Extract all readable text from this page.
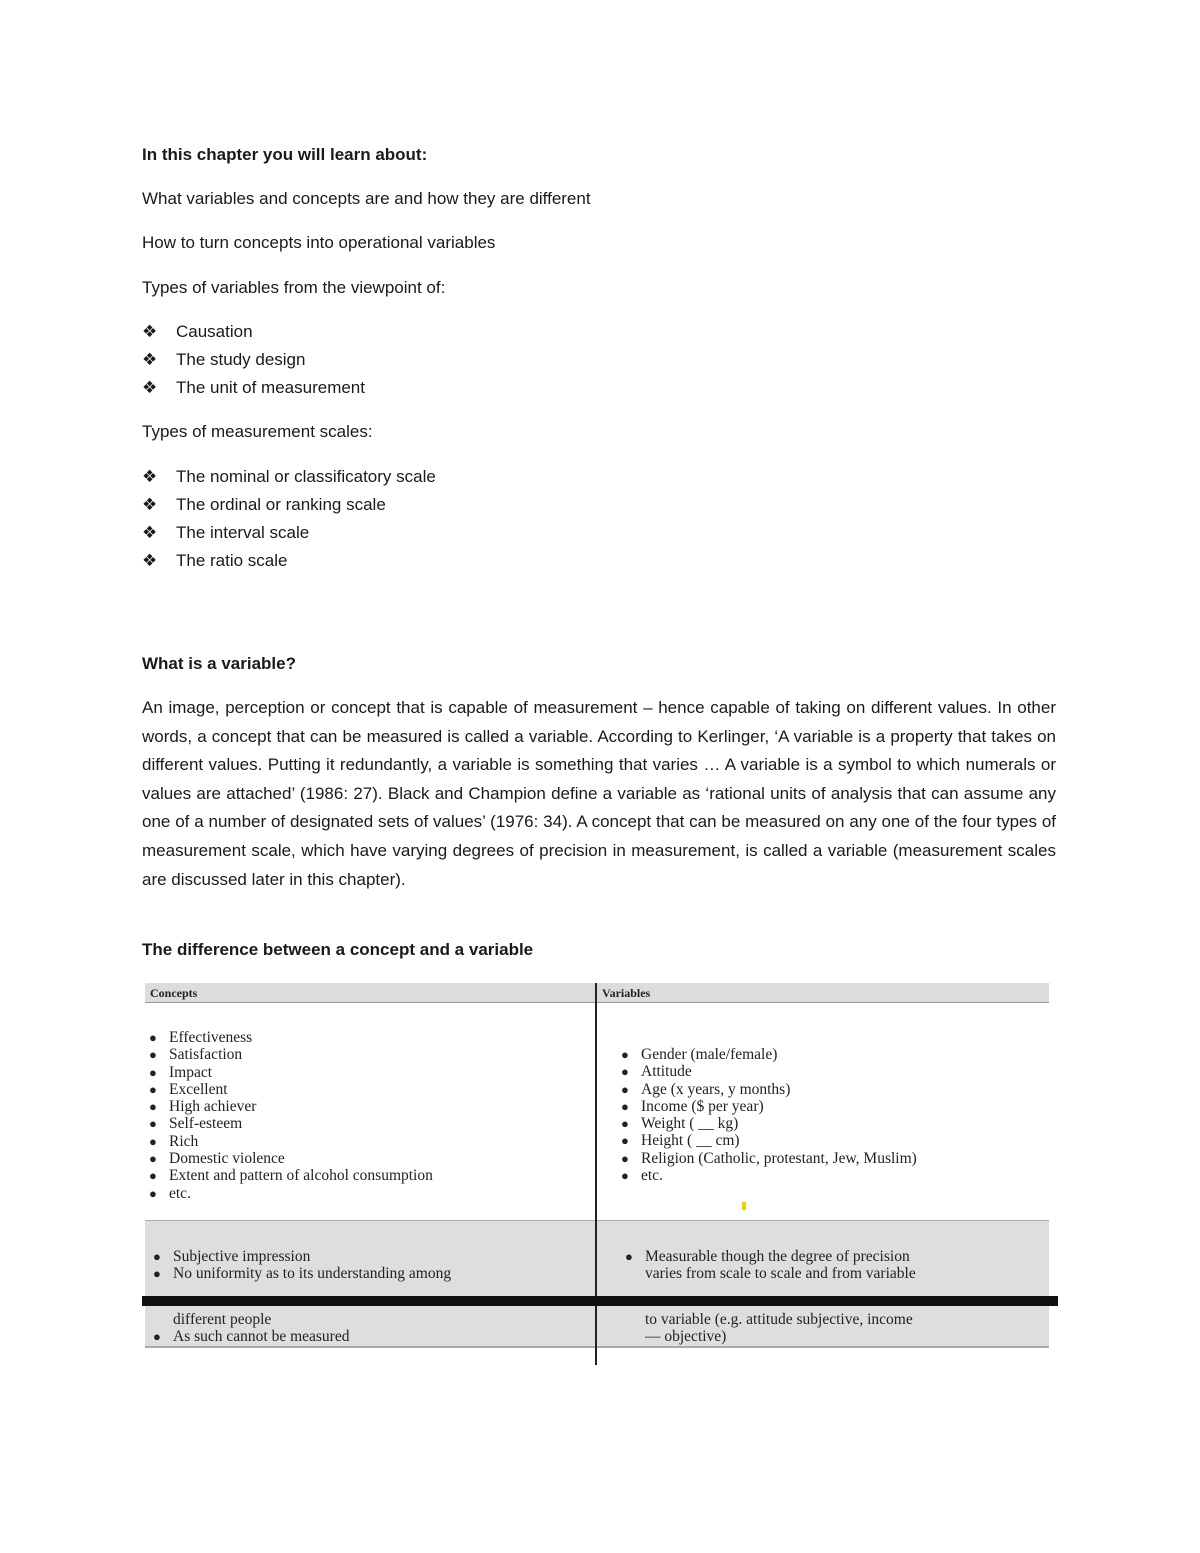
In this chapter you will learn about:
What variables and concepts are and how they are different
How to turn concepts into operational variables
Types of variables from the viewpoint of:
❖ Causation
❖ The study design
❖ The unit of measurement
Types of measurement scales:
❖ The nominal or classificatory scale
❖ The ordinal or ranking scale
❖ The interval scale
❖ The ratio scale
What is a variable?

An image, perception or concept that is capable of measurement – hence capable of taking on different values. In other words, a concept that can be measured is called a variable. According to Kerlinger, ‘A variable is a property that takes on different values. Putting it redundantly, a variable is something that varies … A variable is a symbol to which numerals or values are attached’ (1986: 27). Black and Champion define a variable as ‘rational units of analysis that can assume any one of a number of designated sets of values’ (1976: 34). A concept that can be measured on any one of the four types of measurement scale, which have varying degrees of precision in measurement, is called a variable (measurement scales are discussed later in this chapter).

The difference between a concept and a variable
Concepts	Variables
● Effectiveness
● Satisfaction
● Impact
● Excellent
● High achiever
● Self-esteem
● Rich
● Domestic violence
● Extent and pattern of alcohol consumption
● etc.
● Gender (male/female)
● Attitude
● Age (x years, y months)
● Income ($ per year)
● Weight ( __ kg)
● Height ( __ cm)
● Religion (Catholic, protestant, Jew, Muslim)
● etc.
● Subjective impression
● No uniformity as to its understanding among
● Measurable though the degree of precision
varies from scale to scale and from variable
different people
● As such cannot be measured
to variable (e.g. attitude subjective, income
— objective)
